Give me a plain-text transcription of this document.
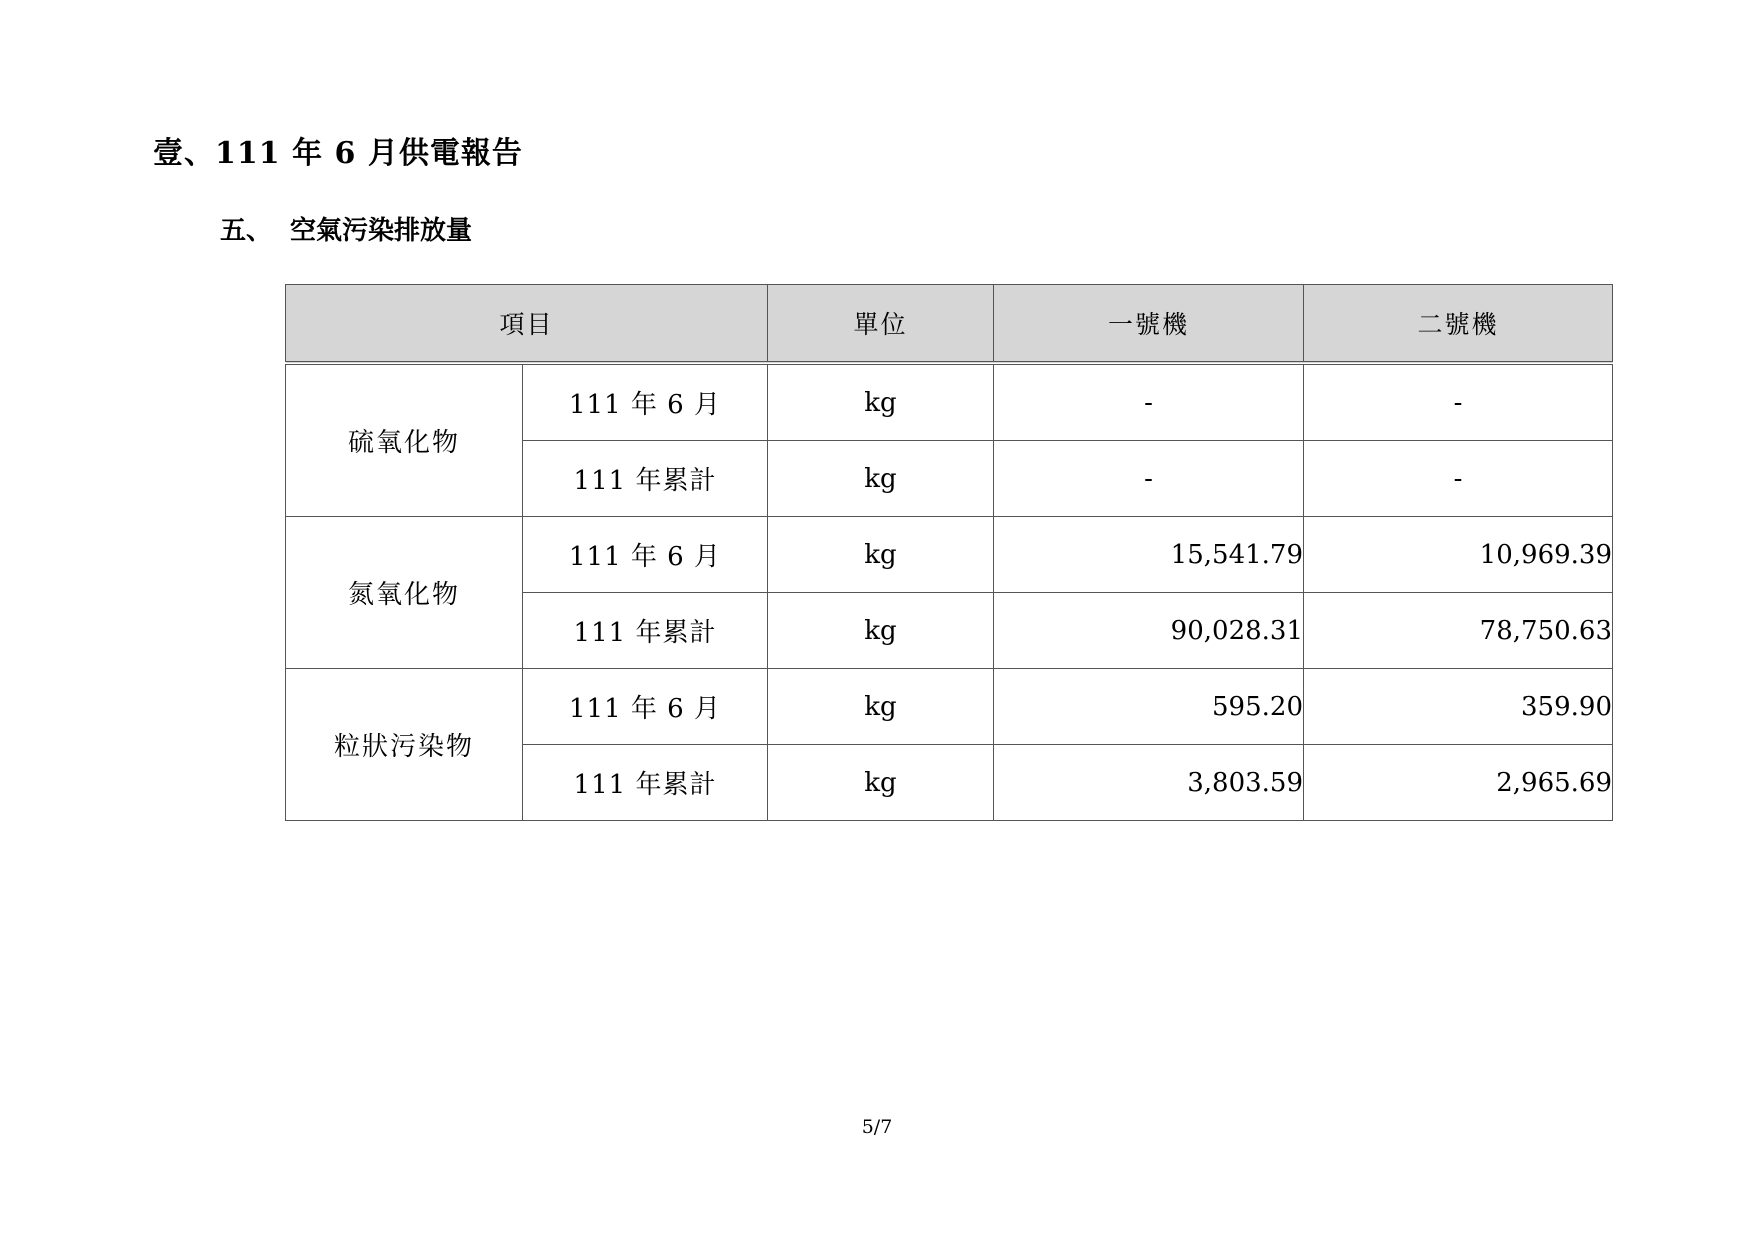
壹、111 年 6 月供電報告
五、 空氣污染排放量
項目		單位	一號機	二號機
硫氧化物	111 年 6 月	kg	-	-
	111 年累計	kg	-	-
氮氧化物	111 年 6 月	kg	15,541.79	10,969.39
	111 年累計	kg	90,028.31	78,750.63
粒狀污染物	111 年 6 月	kg	595.20	359.90
	111 年累計	kg	3,803.59	2,965.69
5/7
